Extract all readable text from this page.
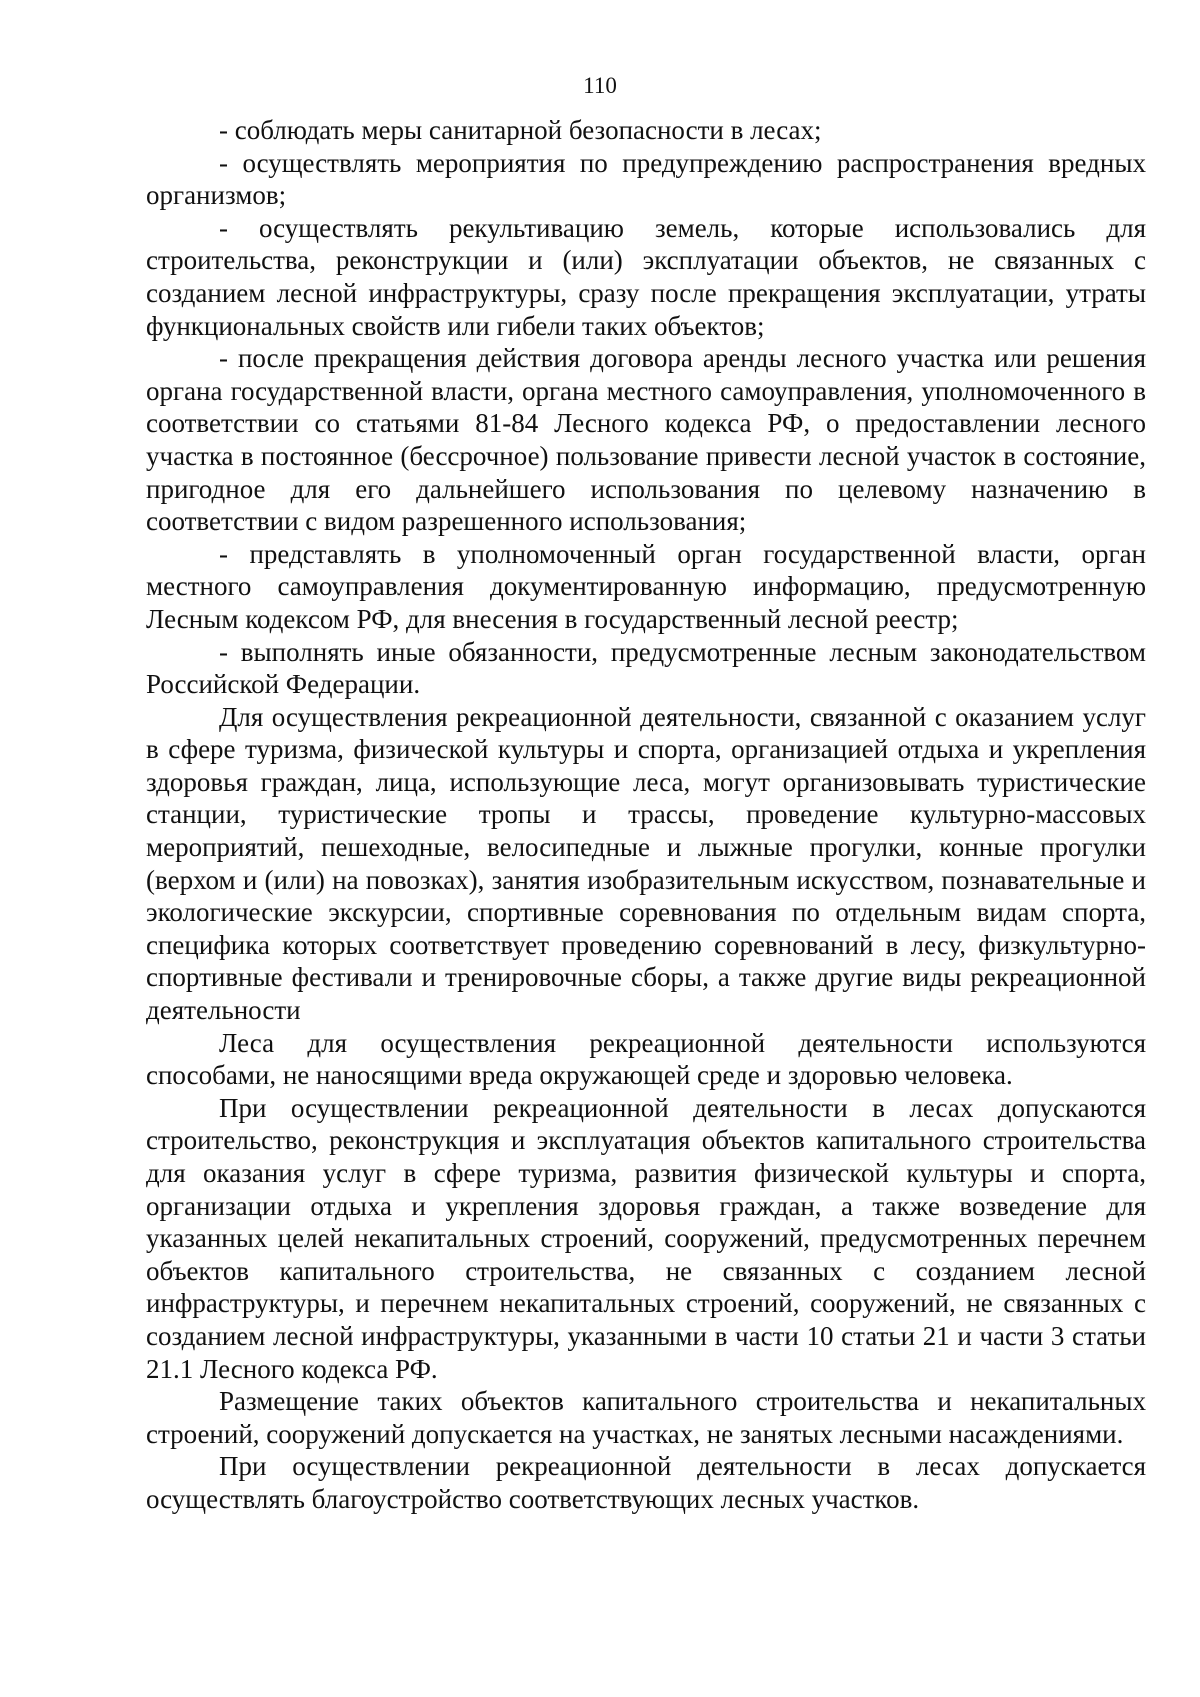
110

- соблюдать меры санитарной безопасности в лесах;

- осуществлять мероприятия по предупреждению распространения вредных организмов;

- осуществлять рекультивацию земель, которые использовались для строительства, реконструкции и (или) эксплуатации объектов, не связанных с созданием лесной инфраструктуры, сразу после прекращения эксплуатации, утраты функциональных свойств или гибели таких объектов;

- после прекращения действия договора аренды лесного участка или решения органа государственной власти, органа местного самоуправления, уполномоченного в соответствии со статьями 81-84 Лесного кодекса РФ, о предоставлении лесного участка в постоянное (бессрочное) пользование привести лесной участок в состояние, пригодное для его дальнейшего использования по целевому назначению в соответствии с видом разрешенного использования;

- представлять в уполномоченный орган государственной власти, орган местного самоуправления документированную информацию, предусмотренную Лесным кодексом РФ, для внесения в государственный лесной реестр;

- выполнять иные обязанности, предусмотренные лесным законодательством Российской Федерации.

Для осуществления рекреационной деятельности, связанной с оказанием услуг в сфере туризма, физической культуры и спорта, организацией отдыха и укрепления здоровья граждан, лица, использующие леса, могут организовывать туристические станции, туристические тропы и трассы, проведение культурно-массовых мероприятий, пешеходные, велосипедные и лыжные прогулки, конные прогулки (верхом и (или) на повозках), занятия изобразительным искусством, познавательные и экологические экскурсии, спортивные соревнования по отдельным видам спорта, специфика которых соответствует проведению соревнований в лесу, физкультурно-спортивные фестивали и тренировочные сборы, а также другие виды рекреационной деятельности

Леса для осуществления рекреационной деятельности используются способами, не наносящими вреда окружающей среде и здоровью человека.

При осуществлении рекреационной деятельности в лесах допускаются строительство, реконструкция и эксплуатация объектов капитального строительства для оказания услуг в сфере туризма, развития физической культуры и спорта, организации отдыха и укрепления здоровья граждан, а также возведение для указанных целей некапитальных строений, сооружений, предусмотренных перечнем объектов капитального строительства, не связанных с созданием лесной инфраструктуры, и перечнем некапитальных строений, сооружений, не связанных с созданием лесной инфраструктуры, указанными в части 10 статьи 21 и части 3 статьи 21.1 Лесного кодекса РФ.

Размещение таких объектов капитального строительства и некапитальных строений, сооружений допускается на участках, не занятых лесными насаждениями.

При осуществлении рекреационной деятельности в лесах допускается осуществлять благоустройство соответствующих лесных участков.
